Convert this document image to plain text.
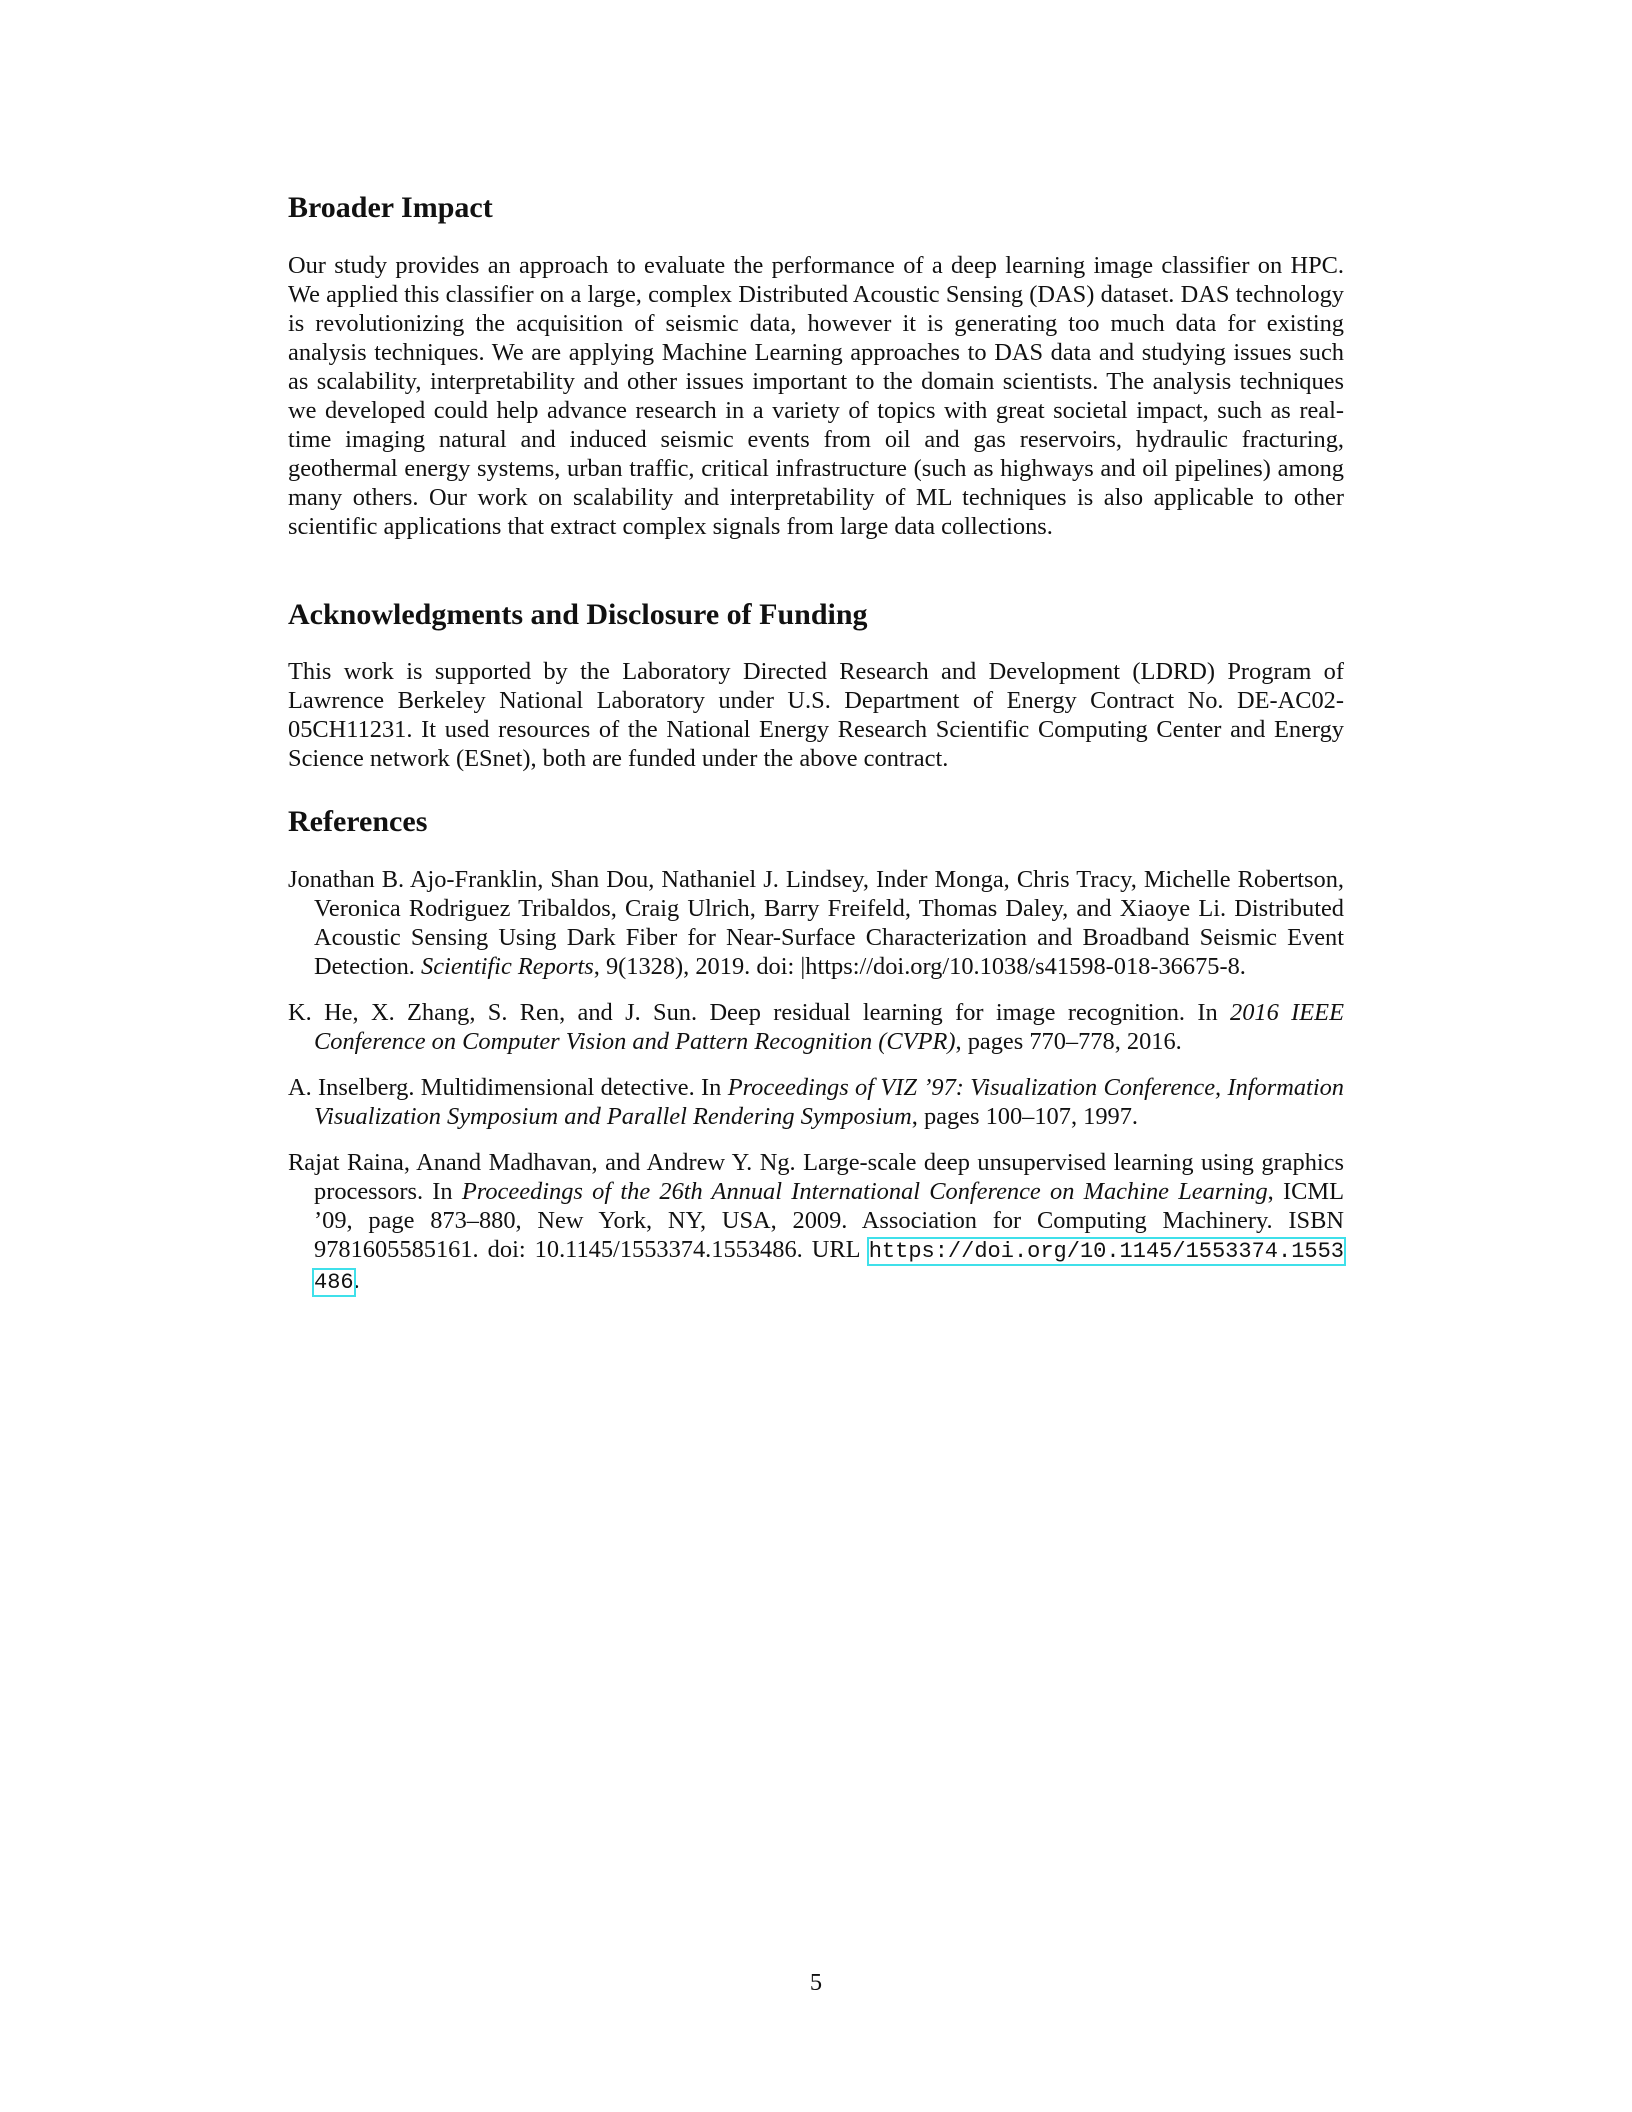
Broader Impact

Our study provides an approach to evaluate the performance of a deep learning image classifier on HPC. We applied this classifier on a large, complex Distributed Acoustic Sensing (DAS) dataset. DAS technology is revolutionizing the acquisition of seismic data, however it is generating too much data for existing analysis techniques. We are applying Machine Learning approaches to DAS data and studying issues such as scalability, interpretability and other issues important to the domain scientists. The analysis techniques we developed could help advance research in a variety of topics with great societal impact, such as real-time imaging natural and induced seismic events from oil and gas reservoirs, hydraulic fracturing, geothermal energy systems, urban traffic, critical infrastructure (such as highways and oil pipelines) among many others. Our work on scalability and interpretability of ML techniques is also applicable to other scientific applications that extract complex signals from large data collections.

Acknowledgments and Disclosure of Funding

This work is supported by the Laboratory Directed Research and Development (LDRD) Program of Lawrence Berkeley National Laboratory under U.S. Department of Energy Contract No. DE-AC02-05CH11231. It used resources of the National Energy Research Scientific Computing Center and Energy Science network (ESnet), both are funded under the above contract.

References
Jonathan B. Ajo-Franklin, Shan Dou, Nathaniel J. Lindsey, Inder Monga, Chris Tracy, Michelle Robertson, Veronica Rodriguez Tribaldos, Craig Ulrich, Barry Freifeld, Thomas Daley, and Xiaoye Li. Distributed Acoustic Sensing Using Dark Fiber for Near-Surface Characterization and Broadband Seismic Event Detection. Scientific Reports, 9(1328), 2019. doi: |https://doi.org/10.1038/s41598-018-36675-8.
K. He, X. Zhang, S. Ren, and J. Sun. Deep residual learning for image recognition. In 2016 IEEE Conference on Computer Vision and Pattern Recognition (CVPR), pages 770–778, 2016.
A. Inselberg. Multidimensional detective. In Proceedings of VIZ ’97: Visualization Conference, Information Visualization Symposium and Parallel Rendering Symposium, pages 100–107, 1997.
Rajat Raina, Anand Madhavan, and Andrew Y. Ng. Large-scale deep unsupervised learning using graphics processors. In Proceedings of the 26th Annual International Conference on Machine Learning, ICML ’09, page 873–880, New York, NY, USA, 2009. Association for Computing Machinery. ISBN 9781605585161. doi: 10.1145/1553374.1553486. URL https://doi.org/10.1145/1553374.1553486.
5
